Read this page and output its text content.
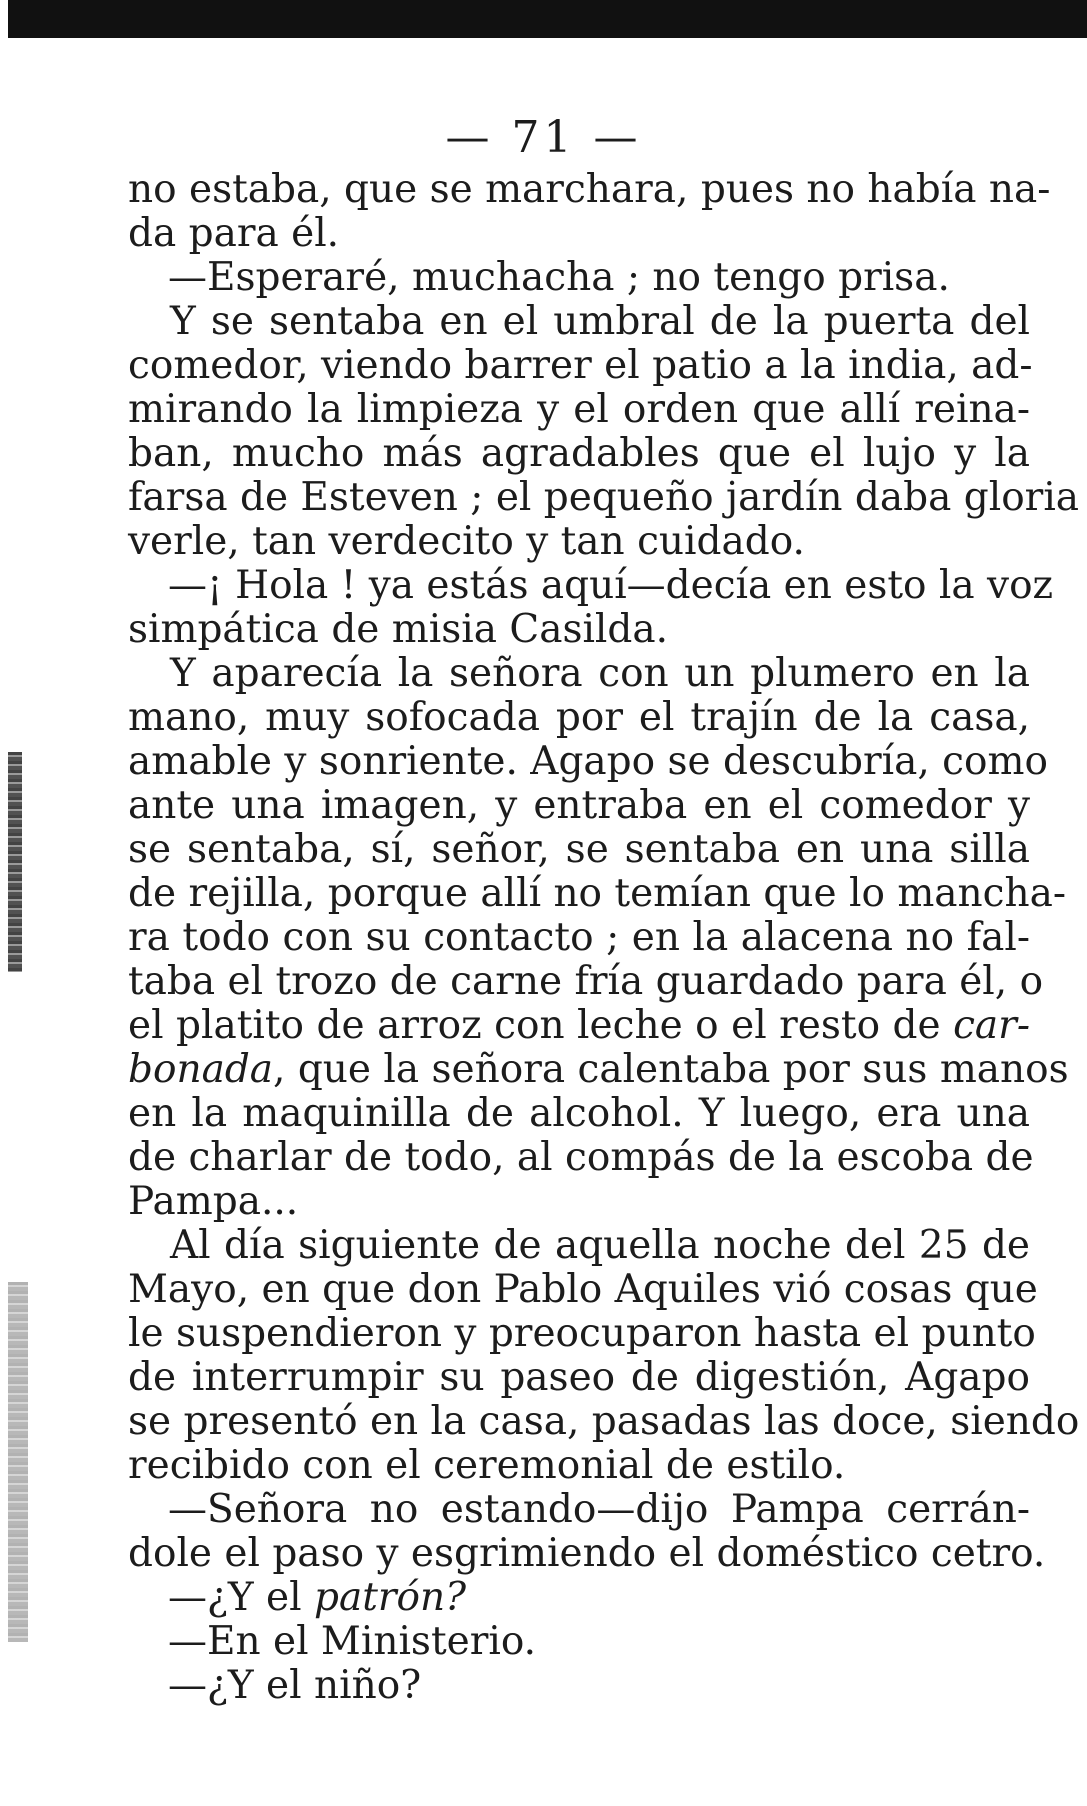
— 71 —
no estaba, que se marchara, pues no había na-
da para él.
—Esperaré, muchacha ; no tengo prisa.
Y se sentaba en el umbral de la puerta del
comedor, viendo barrer el patio a la india, ad-
mirando la limpieza y el orden que allí reina-
ban, mucho más agradables que el lujo y la
farsa de Esteven ; el pequeño jardín daba gloria
verle, tan verdecito y tan cuidado.
—¡ Hola ! ya estás aquí—decía en esto la voz
simpática de misia Casilda.
Y aparecía la señora con un plumero en la
mano, muy sofocada por el trajín de la casa,
amable y sonriente. Agapo se descubría, como
ante una imagen, y entraba en el comedor y
se sentaba, sí, señor, se sentaba en una silla
de rejilla, porque allí no temían que lo mancha-
ra todo con su contacto ; en la alacena no fal-
taba el trozo de carne fría guardado para él, o
el platito de arroz con leche o el resto de car-
bonada, que la señora calentaba por sus manos
en la maquinilla de alcohol. Y luego, era una
de charlar de todo, al compás de la escoba de
Pampa...
Al día siguiente de aquella noche del 25 de
Mayo, en que don Pablo Aquiles vió cosas que
le suspendieron y preocuparon hasta el punto
de interrumpir su paseo de digestión, Agapo
se presentó en la casa, pasadas las doce, siendo
recibido con el ceremonial de estilo.
—Señora no estando—dijo Pampa cerrán-
dole el paso y esgrimiendo el doméstico cetro.
—¿Y el patrón?
—En el Ministerio.
—¿Y el niño?
